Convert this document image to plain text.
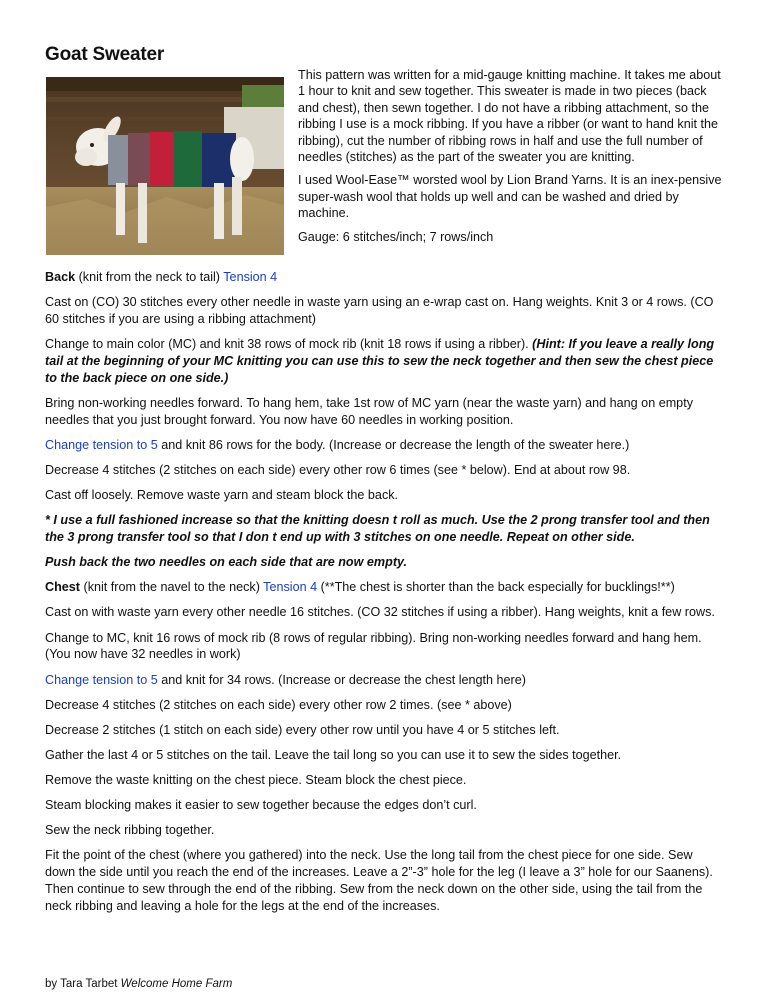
Goat Sweater

This pattern was written for a mid-gauge knitting machine. It takes me about 1 hour to knit and sew together. This sweater is made in two pieces (back and chest), then sewn together. I do not have a ribbing attachment, so the ribbing I use is a mock ribbing. If you have a ribber (or want to hand knit the ribbing), cut the number of ribbing rows in half and use the full number of needles (stitches) as the part of the sweater you are knitting.

I used Wool-Ease™ worsted wool by Lion Brand Yarns. It is an inex-pensive super-wash wool that holds up well and can be washed and dried by machine.

Gauge: 6 stitches/inch; 7 rows/inch

Back (knit from the neck to tail) Tension 4

Cast on (CO) 30 stitches every other needle in waste yarn using an e-wrap cast on. Hang weights. Knit 3 or 4 rows. (CO 60 stitches if you are using a ribbing attachment)

Change to main color (MC) and knit 38 rows of mock rib (knit 18 rows if using a ribber). (Hint: If you leave a really long tail at the beginning of your MC knitting you can use this to sew the neck together and then sew the chest piece to the back piece on one side.)

Bring non-working needles forward. To hang hem, take 1st row of MC yarn (near the waste yarn) and hang on empty needles that you just brought forward. You now have 60 needles in working position.

Change tension to 5 and knit 86 rows for the body. (Increase or decrease the length of the sweater here.)

Decrease 4 stitches (2 stitches on each side) every other row 6 times (see * below). End at about row 98.

Cast off loosely. Remove waste yarn and steam block the back.

* I use a full fashioned increase so that the knitting doesn t roll as much. Use the 2 prong transfer tool and then the 3 prong transfer tool so that I don t end up with 3 stitches on one needle. Repeat on other side.

Push back the two needles on each side that are now empty.

Chest (knit from the navel to the neck) Tension 4 (**The chest is shorter than the back especially for bucklings!**)

Cast on with waste yarn every other needle 16 stitches. (CO 32 stitches if using a ribber). Hang weights, knit a few rows.

Change to MC, knit 16 rows of mock rib (8 rows of regular ribbing). Bring non-working needles forward and hang hem. (You now have 32 needles in work)

Change tension to 5 and knit for 34 rows. (Increase or decrease the chest length here)

Decrease 4 stitches (2 stitches on each side) every other row 2 times. (see * above)

Decrease 2 stitches (1 stitch on each side) every other row until you have 4 or 5 stitches left.

Gather the last 4 or 5 stitches on the tail. Leave the tail long so you can use it to sew the sides together.

Remove the waste knitting on the chest piece. Steam block the chest piece.

Steam blocking makes it easier to sew together because the edges don’t curl.

Sew the neck ribbing together.

Fit the point of the chest (where you gathered) into the neck. Use the long tail from the chest piece for one side. Sew down the side until you reach the end of the increases. Leave a 2”-3” hole for the leg (I leave a 3” hole for our Saanens). Then continue to sew through the end of the ribbing. Sew from the neck down on the other side, using the tail from the neck ribbing and leaving a hole for the legs at the end of the increases.

by Tara Tarbet Welcome Home Farm
